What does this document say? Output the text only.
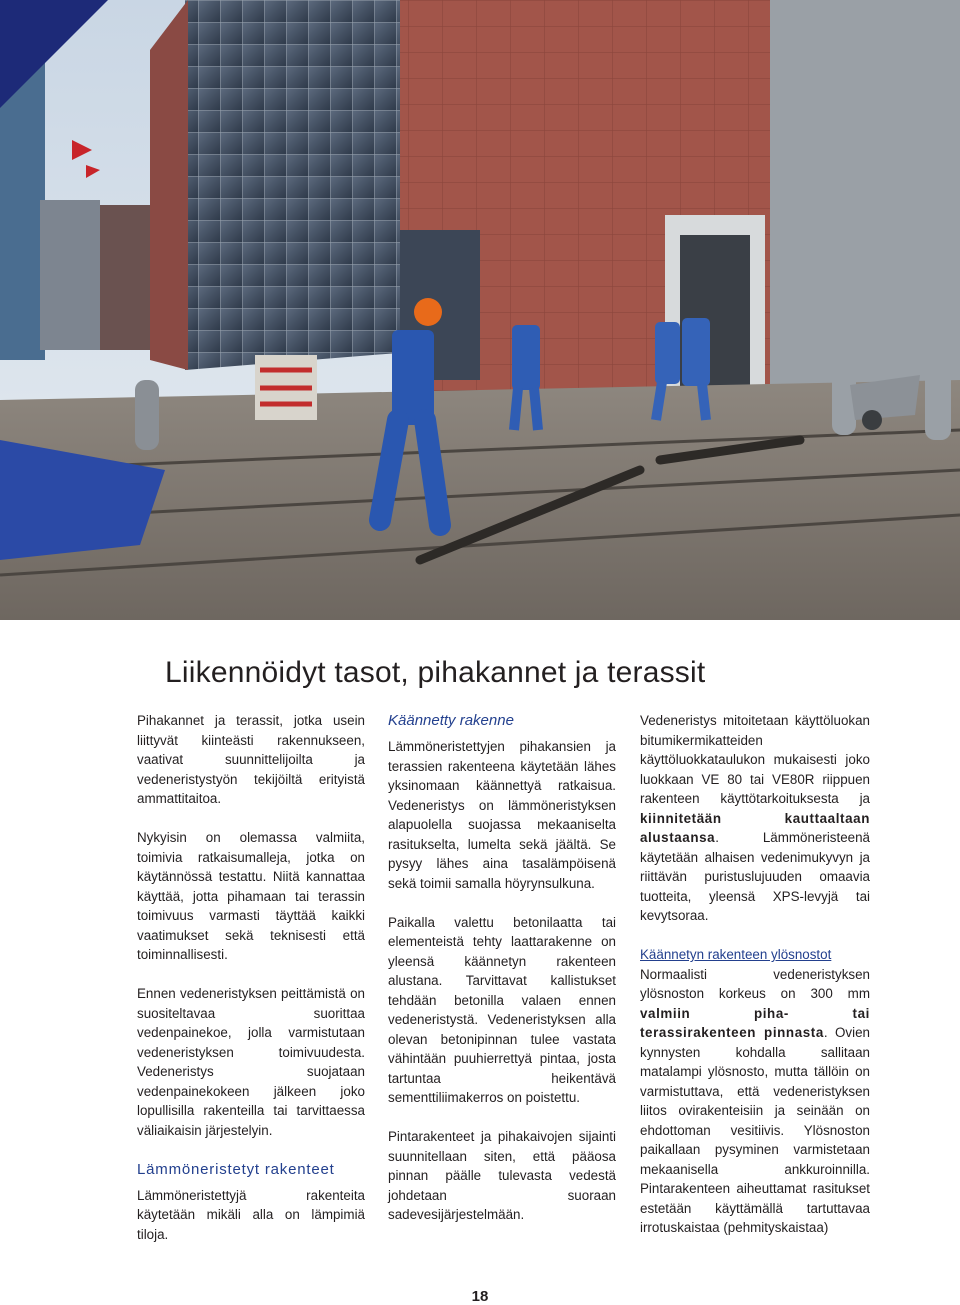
Liikennöidyt tasot, pihakannet ja terassit

Pihakannet ja terassit, jotka usein liittyvät kiinteästi rakennukseen, vaativat suunnittelijoilta ja vedeneristystyön tekijöiltä erityistä ammattitaitoa.

Nykyisin on olemassa valmiita, toimivia ratkaisumalleja, jotka on käytännössä testattu. Niitä kannattaa käyttää, jotta pihamaan tai terassin toimivuus varmasti täyttää kaikki vaatimukset sekä teknisesti että toiminnallisesti.

Ennen vedeneristyksen peittämistä on suositeltavaa suorittaa vedenpainekoe, jolla varmistutaan vedeneristyksen toimivuudesta. Vedeneristys suojataan vedenpainekokeen jälkeen joko lopullisilla rakenteilla tai tarvittaessa väliaikaisin järjestelyin.

Lämmöneristetyt rakenteet

Lämmöneristettyjä rakenteita käytetään mikäli alla on lämpimiä tiloja.

Käännetty rakenne

Lämmöneristettyjen pihakansien ja terassien rakenteena käytetään lähes yksinomaan käännettyä ratkaisua. Vedeneristys on lämmöneristyksen alapuolella suojassa mekaaniselta rasitukselta, lumelta sekä jäältä. Se pysyy lähes aina tasalämpöisenä sekä toimii samalla höyrynsulkuna.

Paikalla valettu betonilaatta tai elementeistä tehty laattarakenne on yleensä käännetyn rakenteen alustana. Tarvittavat kallistukset tehdään betonilla valaen ennen vedeneristystä. Vedeneristyksen alla olevan betonipinnan tulee vastata vähintään puuhierrettyä pintaa, josta tartuntaa heikentävä sementtiliimakerros on poistettu.

Pintarakenteet ja pihakaivojen sijainti suunnitellaan siten, että pääosa pinnan päälle tulevasta vedestä johdetaan suoraan sadevesijärjestelmään.

Vedeneristys mitoitetaan käyttöluokan bitumikermikatteiden käyttöluokkataulukon mukaisesti joko luokkaan VE 80 tai VE80R riippuen rakenteen käyttötarkoituksesta ja kiinnitetään kauttaaltaan alustaansa. Lämmöneristeenä käytetään alhaisen vedenimukyvyn ja riittävän puristuslujuuden omaavia tuotteita, yleensä XPS-levyjä tai kevytsoraa.

Käännetyn rakenteen ylösnostot

Normaalisti vedeneristyksen ylösnoston korkeus on 300 mm valmiin piha- tai terassirakenteen pinnasta. Ovien kynnysten kohdalla sallitaan matalampi ylösnosto, mutta tällöin on varmistuttava, että vedeneristyksen liitos ovirakenteisiin ja seinään on ehdottoman vesitiivis. Ylösnoston paikallaan pysyminen varmistetaan mekaanisella ankkuroinnilla. Pintarakenteen aiheuttamat rasitukset estetään käyttämällä tartuttavaa irrotuskaistaa (pehmityskaistaa)

18
